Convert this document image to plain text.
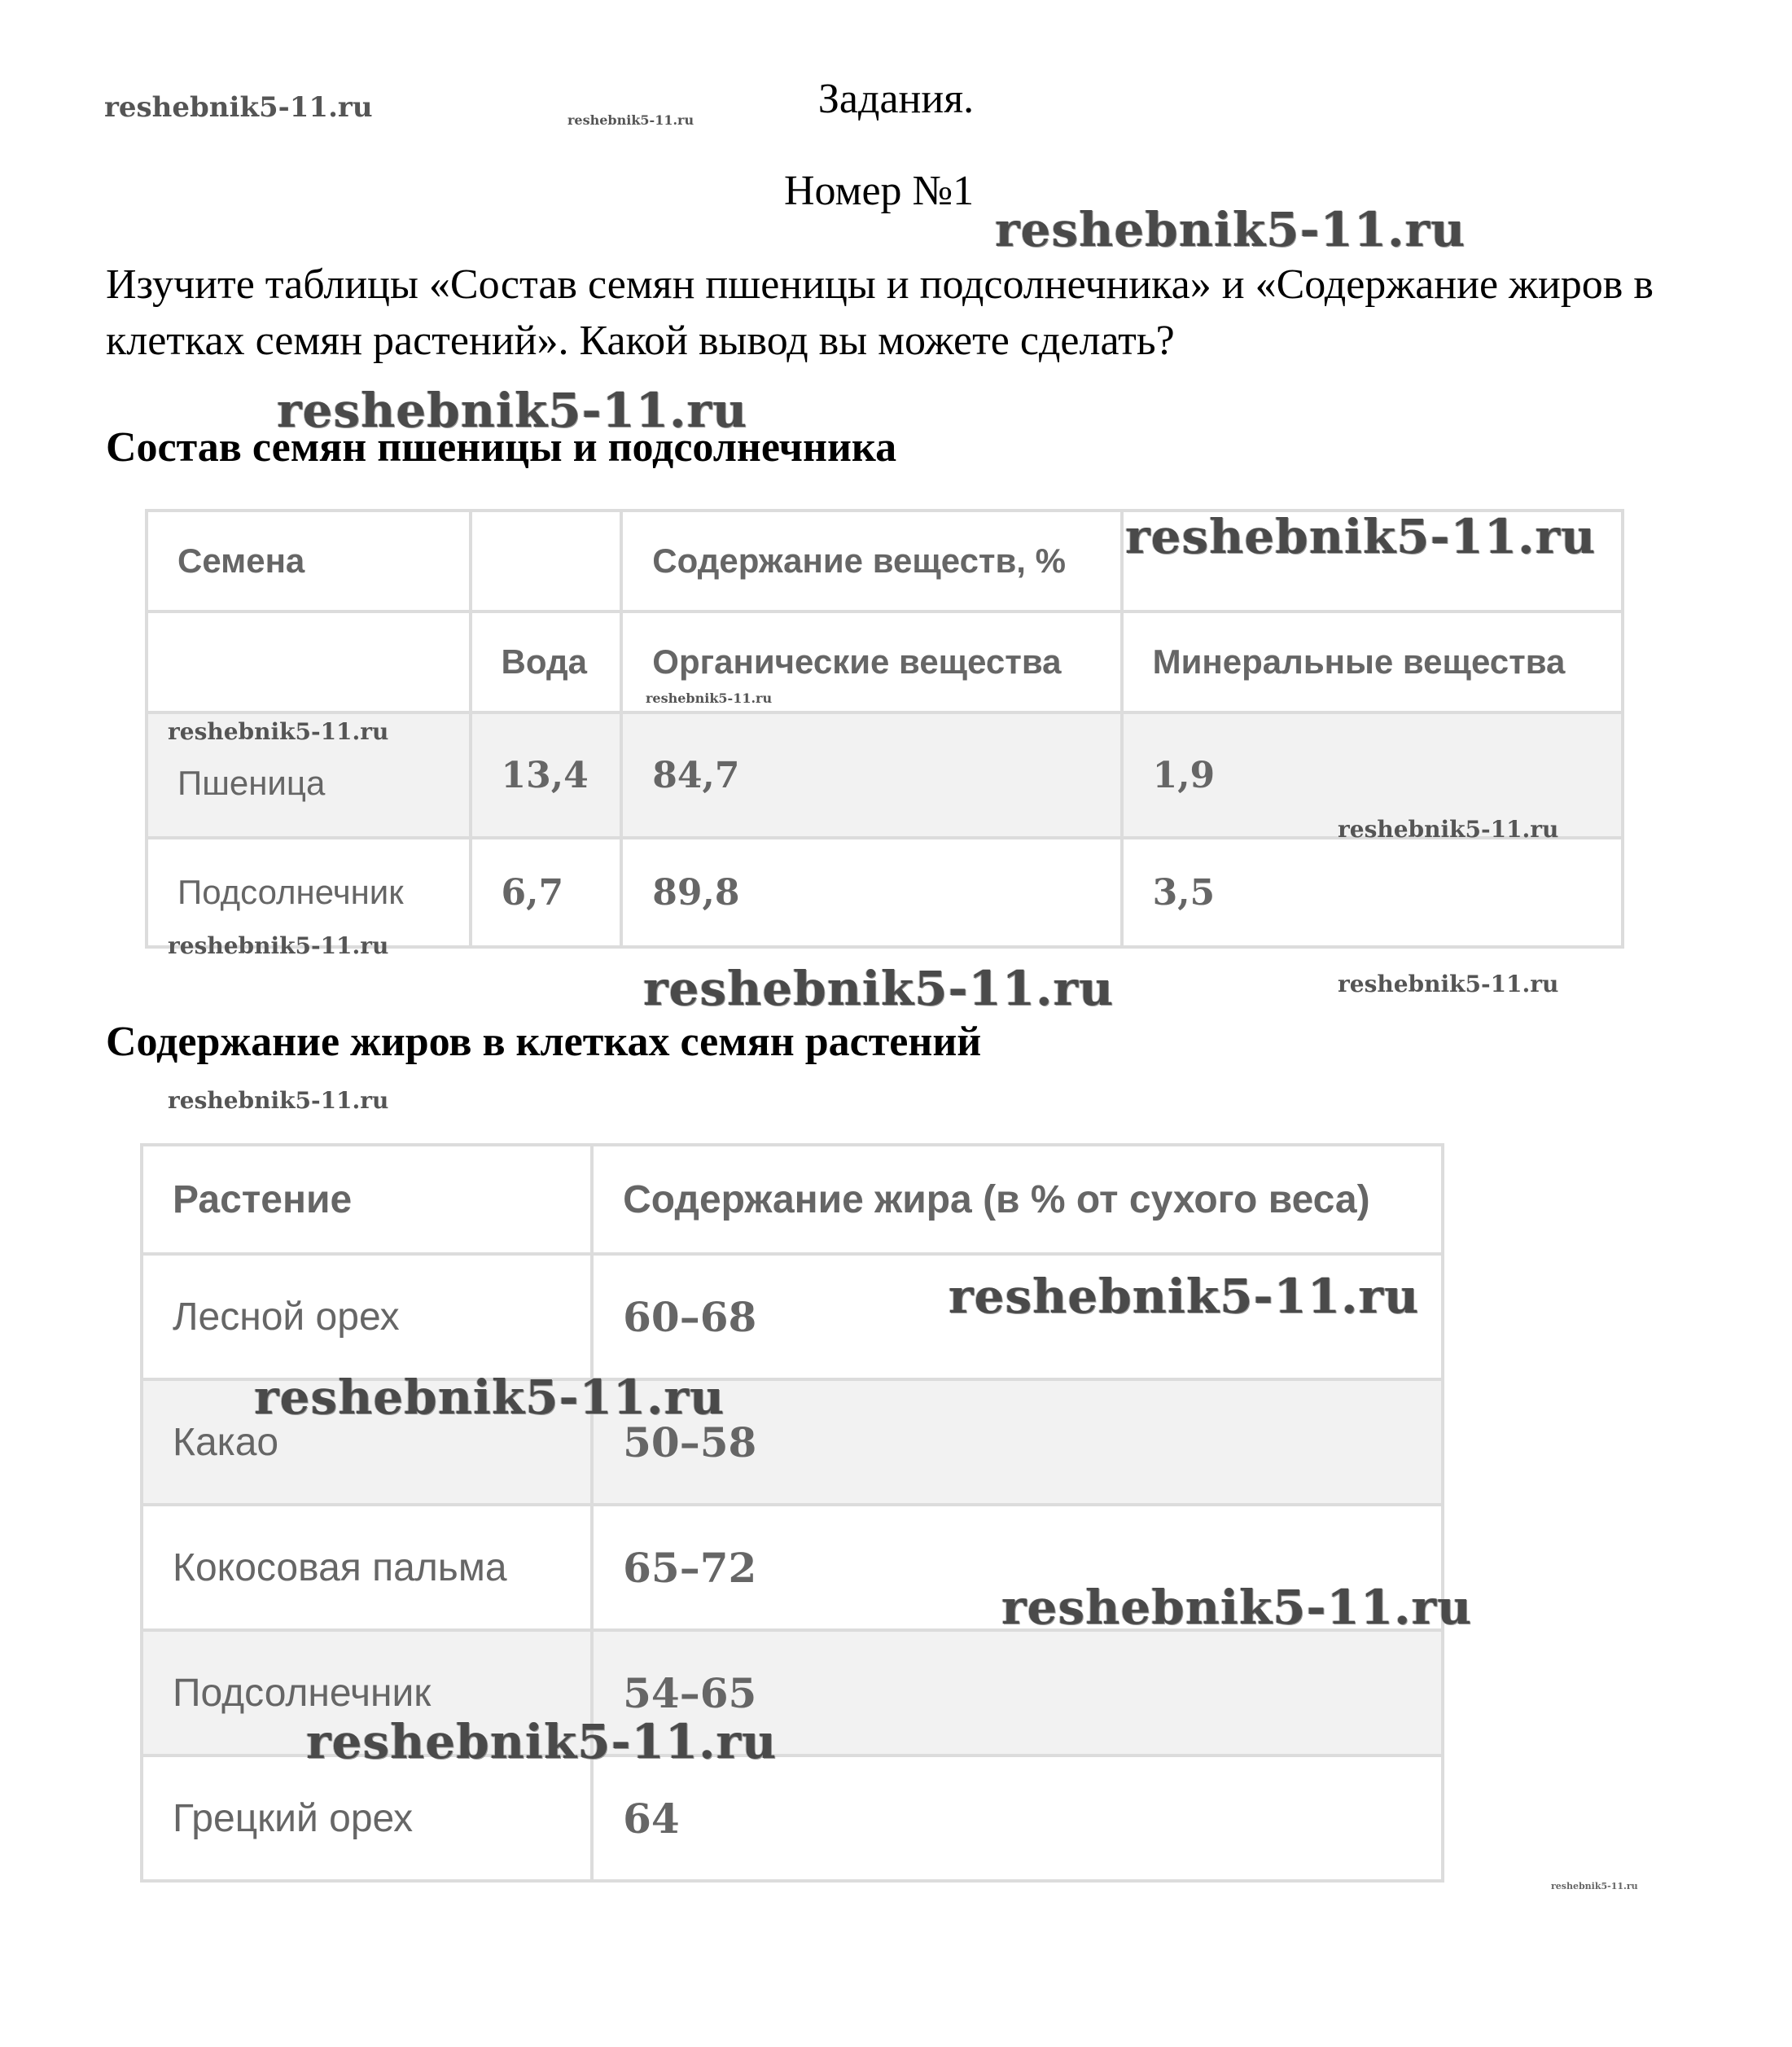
Задания.
Номер №1
Изучите таблицы «Состав семян пшеницы и подсолнечника» и «Содержание жиров в клетках семян растений». Какой вывод вы можете сделать?
Состав семян пшеницы и подсолнечника
Семена		Содержание веществ, %	
	Вода	Органические вещества	Минеральные вещества
Пшеница	13,4	84,7	1,9
Подсолнечник	6,7	89,8	3,5
Содержание жиров в клетках семян растений
Растение	Содержание жира (в % от сухого веса)
Лесной орех	60–68
Какао	50–58
Кокосовая пальма	65–72
Подсолнечник	54–65
Грецкий орех	64
reshebnik5-11.ru	reshebnik5-11.ru
reshebnik5-11.ru
reshebnik5-11.ru
reshebnik5-11.ru
reshebnik5-11.ru
reshebnik5-11.ru
reshebnik5-11.ru
reshebnik5-11.ru
reshebnik5-11.ru	reshebnik5-11.ru
reshebnik5-11.ru
reshebnik5-11.ru
reshebnik5-11.ru
reshebnik5-11.ru
reshebnik5-11.ru
reshebnik5-11.ru
